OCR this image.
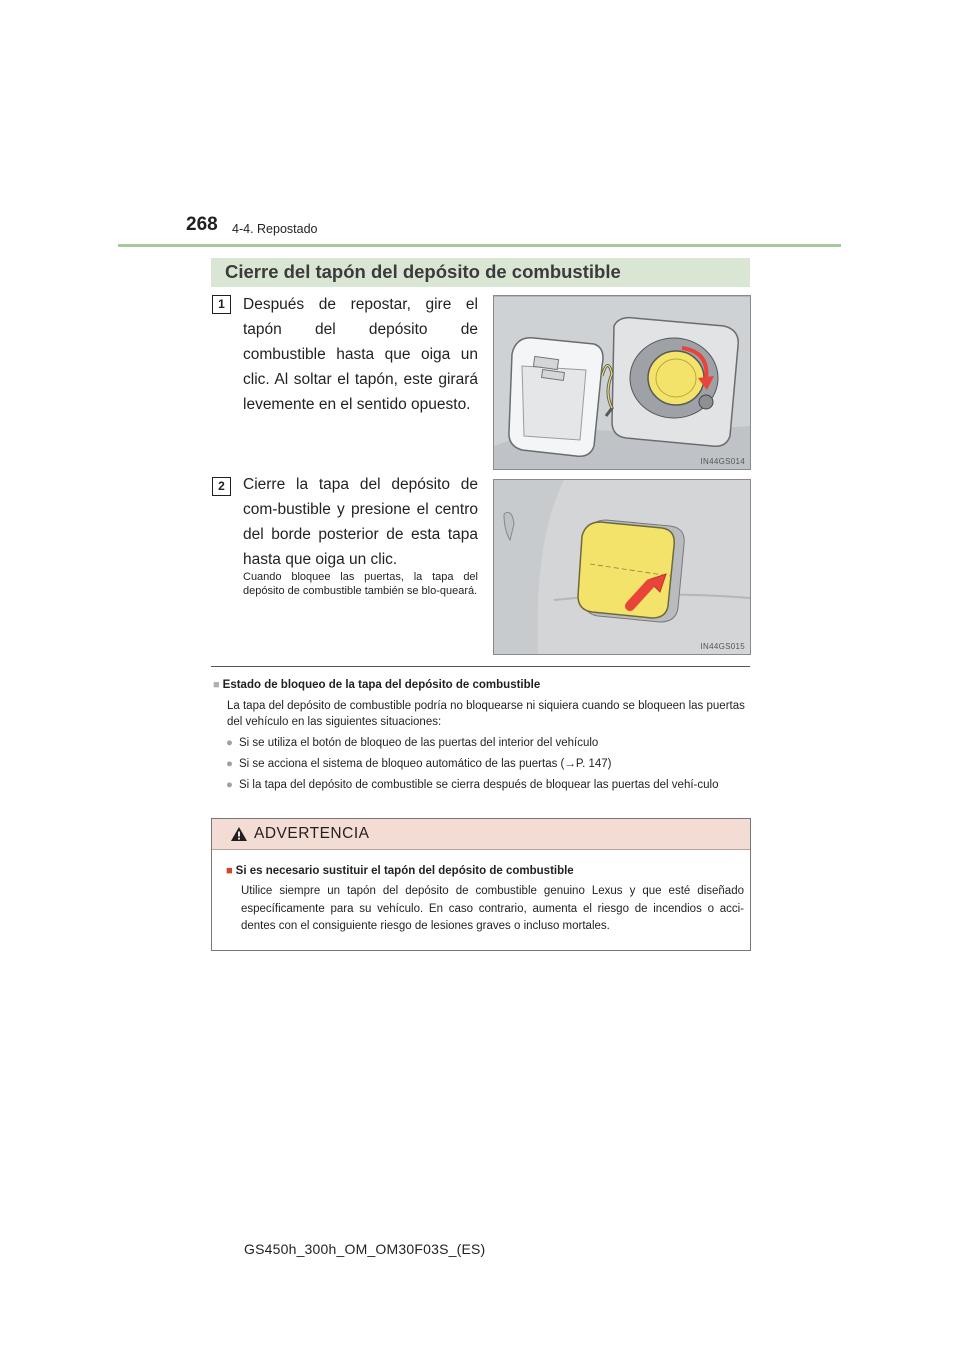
268 4-4. Repostado
Cierre del tapón del depósito de combustible
1	Después de repostar, gire el tapón del depósito de combustible hasta que oiga un clic. Al soltar el tapón, este girará levemente en el sentido opuesto.
IN44GS014
2	Cierre la tapa del depósito de com-bustible y presione el centro del borde posterior de esta tapa hasta que oiga un clic.
Cuando bloquee las puertas, la tapa del depósito de combustible también se blo-queará.
IN44GS015
■ Estado de bloqueo de la tapa del depósito de combustible
La tapa del depósito de combustible podría no bloquearse ni siquiera cuando se bloqueen las puertas del vehículo en las siguientes situaciones:
● Si se utiliza el botón de bloqueo de las puertas del interior del vehículo
● Si se acciona el sistema de bloqueo automático de las puertas (→P. 147)
● Si la tapa del depósito de combustible se cierra después de bloquear las puertas del vehí-culo
ADVERTENCIA
■ Si es necesario sustituir el tapón del depósito de combustible
Utilice siempre un tapón del depósito de combustible genuino Lexus y que esté diseñado específicamente para su vehículo. En caso contrario, aumenta el riesgo de incendios o acci-dentes con el consiguiente riesgo de lesiones graves o incluso mortales.
GS450h_300h_OM_OM30F03S_(ES)
